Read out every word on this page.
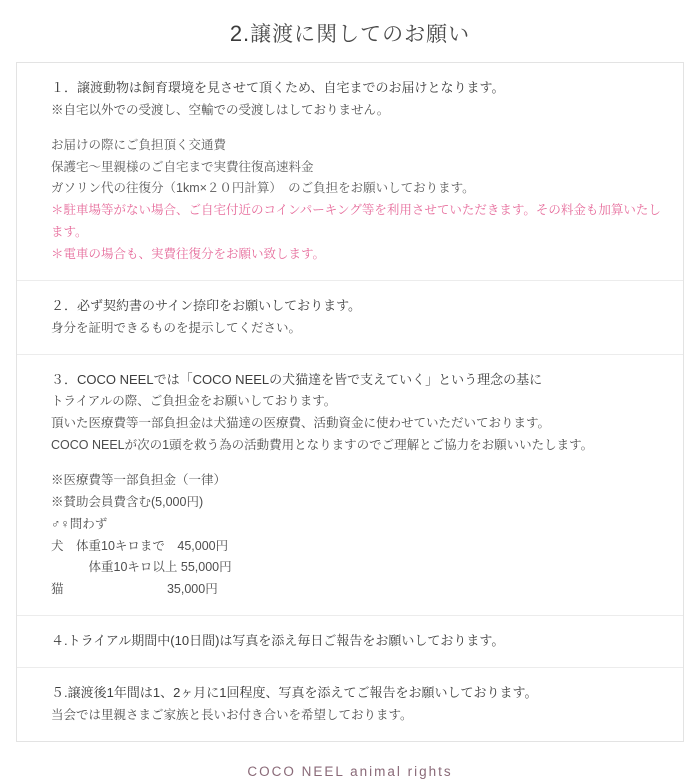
2.譲渡に関してのお願い
１．譲渡動物は飼育環境を見させて頂くため、自宅までのお届けとなります。
※自宅以外での受渡し、空輸での受渡しはしておりません。
お届けの際にご負担頂く交通費
保護宅〜里親様のご自宅まで実費往復高速料金
ガソリン代の往復分（1km×２０円計算）　のご負担をお願いしております。
＊駐車場等がない場合、ご自宅付近のコインパーキング等を利用させていただきます。その料金も加算いたします。
＊電車の場合も、実費往復分をお願い致します。
２．必ず契約書のサイン捺印をお願いしております。
身分を証明できるものを提示してください。
３．COCO NEELでは「COCO NEELの犬猫達を皆で支えていく」という理念の基に
トライアルの際、ご負担金をお願いしております。
頂いた医療費等一部負担金は犬猫達の医療費、活動資金に使わせていただいております。
COCO NEELが次の1頭を救う為の活動費用となりますのでご理解とご協力をお願いいたします。
※医療費等一部負担金（一律）
※賛助会員費含む(5,000円)
♂♀問わず
犬　体重10キロまで　45,000円
　　　体重10キロ以上 55,000円
猫　　　　　　　　 35,000円
４.トライアル期間中(10日間)は写真を添え毎日ご報告をお願いしております。
５.譲渡後1年間は1、2ヶ月に1回程度、写真を添えてご報告をお願いしております。
当会では里親さまご家族と長いお付き合いを希望しております。
COCO NEEL animal rights
